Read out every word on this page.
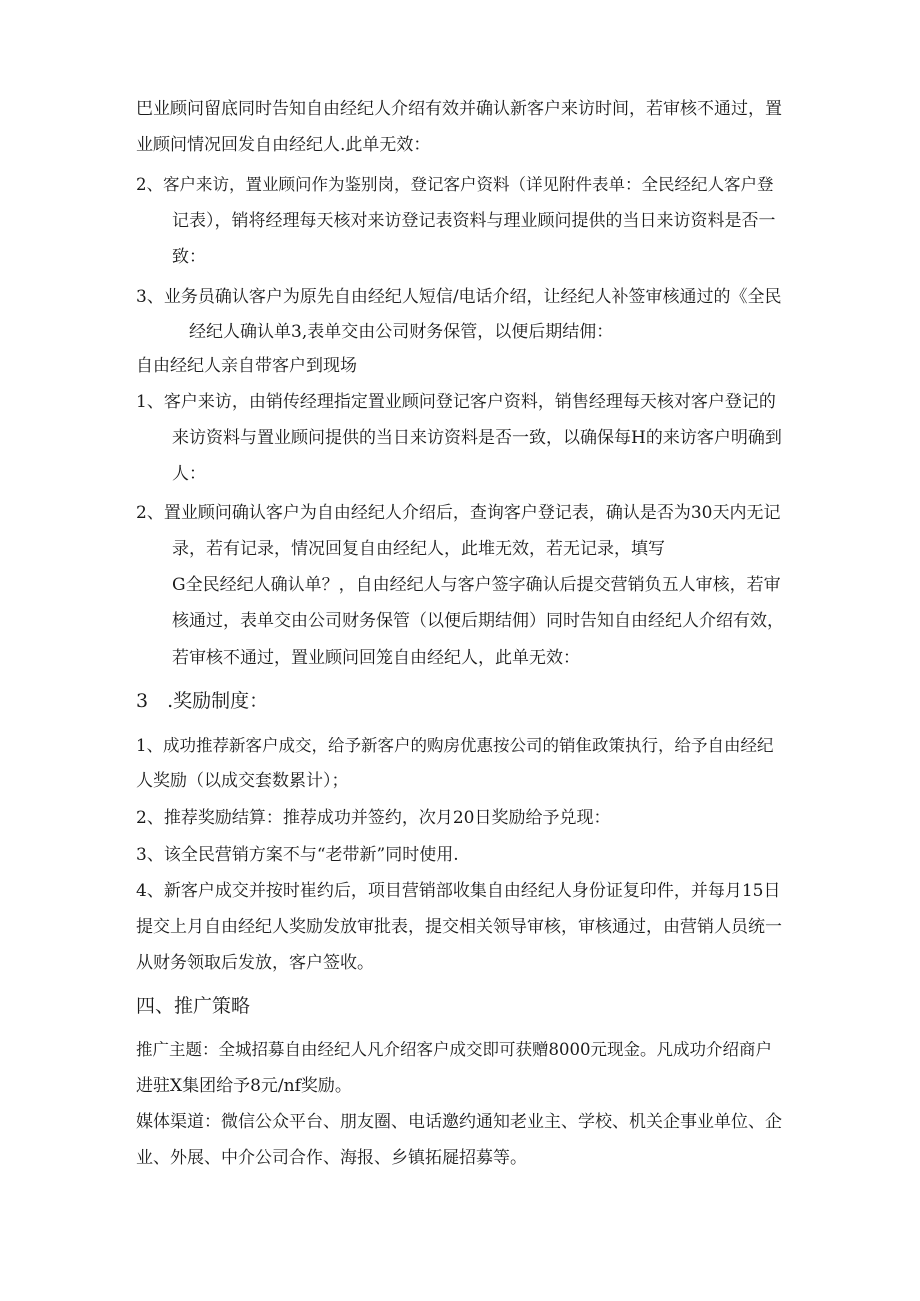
巴业顾问留底同时告知自由经纪人介绍有效并确认新客户来访时间，若审核不通过，置
业顾问情况回发自由经纪人.此单无效：
2、客户来访，置业顾问作为鉴别岗，登记客户资料（详见附件表单：全民经纪人客户登
记表），销将经理每天核对来访登记表资料与理业顾问提供的当日来访资料是否一
致：
3、业务员确认客户为原先自由经纪人短信/电话介绍，让经纪人补签审核通过的《全民
经纪人确认单3,表单交由公司财务保管，以便后期结佣：
自由经纪人亲自带客户到现场
1、客户来访，由销传经理指定置业顾问登记客户资料，销售经理每天核对客户登记的
来访资料与置业顾问提供的当日来访资料是否一致，以确保每H的来访客户明确到
人：
2、置业顾问确认客户为自由经纪人介绍后，查询客户登记表，确认是否为30天内无记
录，若有记录，情况回复自由经纪人，此堆无效，若无记录，填写
G全民经纪人确认单？，自由经纪人与客户签字确认后提交营销负五人审核，若审
核通过，表单交由公司财务保管（以便后期结佣）同时告知自由经纪人介绍有效，
若审核不通过，置业顾问回笼自由经纪人，此单无效：
3　.奖励制度：
1、成功推荐新客户成交，给予新客户的购房优惠按公司的销隹政策执行，给予自由经纪
人奖励（以成交套数累计）；
2、推荐奖励结算：推荐成功并签约，次月20日奖励给予兑现：
3、该全民营销方案不与“老带新”同时使用.
4、新客户成交并按时崔约后，项目营销部收集自由经纪人身份证复印件，并每月15日
提交上月自由经纪人奖励发放审批表，提交相关领导审核，审核通过，由营销人员统一
从财务领取后发放，客户签收。
四、推广策略
推广主题：全城招募自由经纪人凡介绍客户成交即可获赠8000元现金。凡成功介绍商户
进驻X集团给予8元/nf奖励。
媒体渠道：微信公众平台、朋友圈、电话邀约通知老业主、学校、机关企事业单位、企
业、外展、中介公司合作、海报、乡镇拓屣招募等。
